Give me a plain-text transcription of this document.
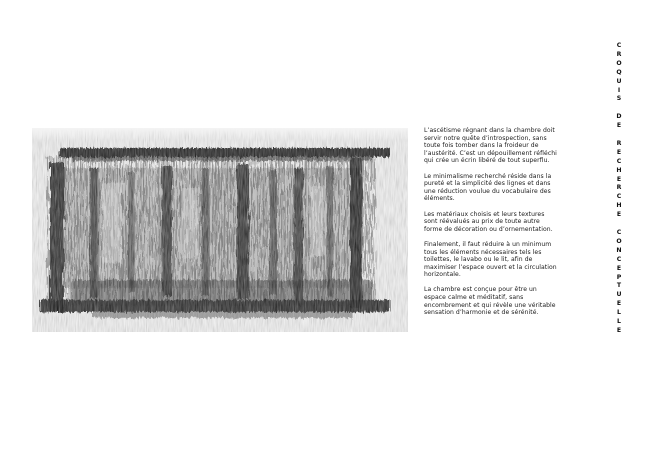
L’ascétisme régnant dans la chambre doit servir notre quête d’introspection, sans toute fois tomber dans la froideur de l’austérité. C’est un dépouillement réfléchi qui crée un écrin libéré de tout superflu.

Le minimalisme recherché réside dans la pureté et la simplicité des lignes et dans une réduction voulue du vocabulaire des éléments.

Les matériaux choisis et leurs textures sont réévalués au prix de toute autre forme de décoration ou d’ornementation.

Finalement, il faut réduire à un minimum tous les éléments nécessaires tels les toilettes, le lavabo ou le lit, afin de maximiser l’espace ouvert et la circulation horizontale.

La chambre est conçue pour être un espace calme et méditatif, sans encombrement et qui révèle une véritable sensation d’harmonie et de sérénité.

C
R
O
Q
U
I
S
D
E
R
E
C
H
E
R
C
H
E
C
O
N
C
E
P
T
U
E
L
L
E
